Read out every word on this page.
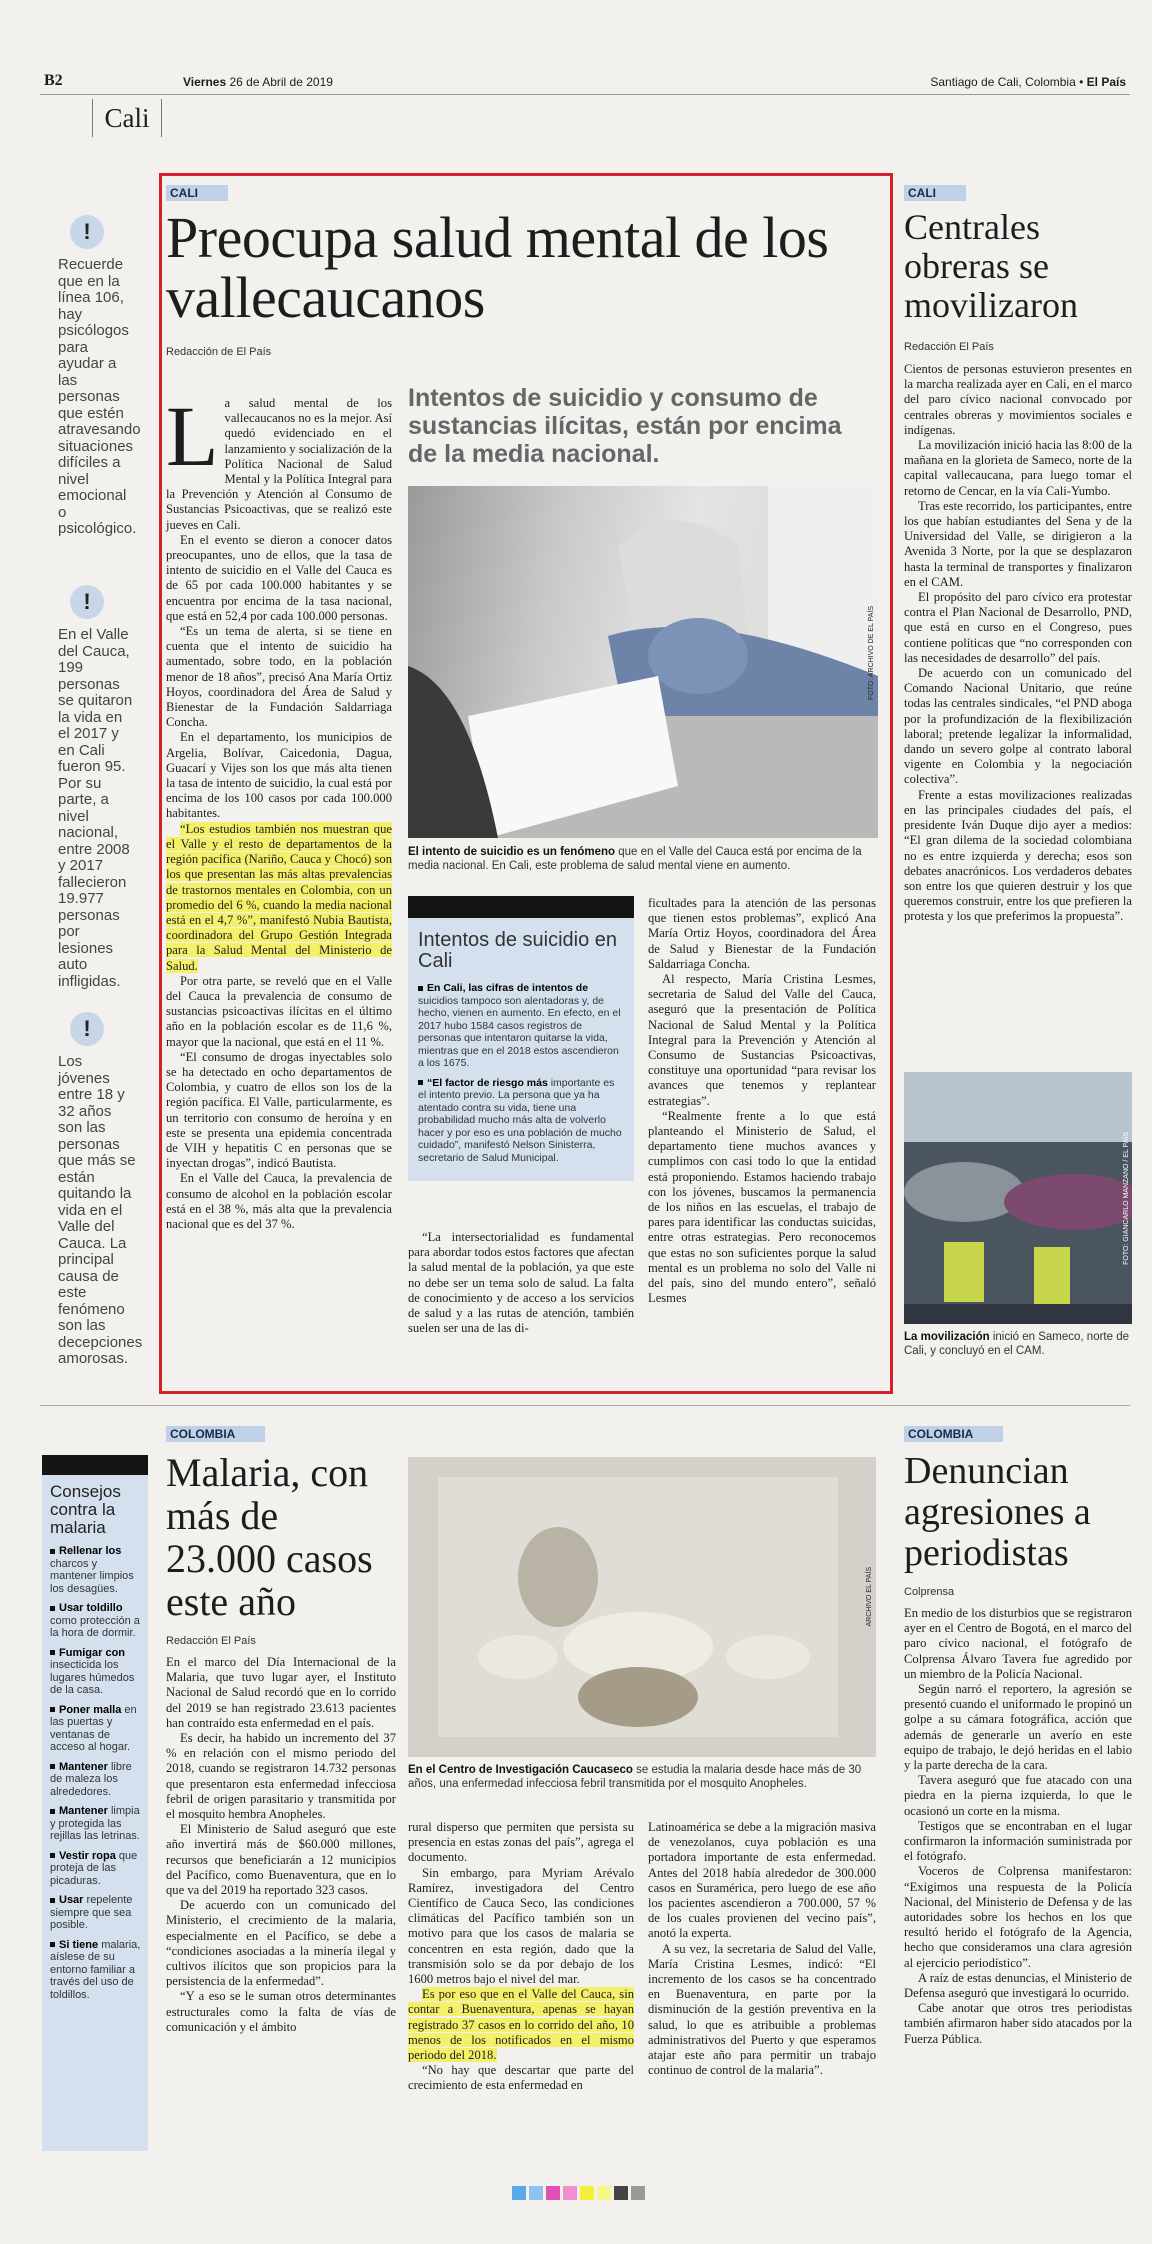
B2	Viernes 26 de Abril de 2019	Santiago de Cali, Colombia • El País
Cali
!
Recuerde que en la línea 106, hay psicólogos para ayudar a las personas que estén atravesando situaciones difíciles a nivel emocional o psicológico.
!
En el Valle del Cauca, 199 personas se quitaron la vida en el 2017 y en Cali fueron 95. Por su parte, a nivel nacional, entre 2008 y 2017 fallecieron 19.977 personas por lesiones auto infligidas.
!
Los jóvenes entre 18 y 32 años son las personas que más se están quitando la vida en el Valle del Cauca. La principal causa de este fenómeno son las decepciones amorosas.
CALI
Preocupa salud mental de los vallecaucanos
Redacción de El País
L a salud mental de los vallecaucanos no es la mejor. Así quedó evidenciado en el lanzamiento y socialización de la Política Nacional de Salud Mental y la Política Integral para la Prevención y Atención al Consumo de Sustancias Psicoactivas, que se realizó este jueves en Cali.

En el evento se dieron a conocer datos preocupantes, uno de ellos, que la tasa de intento de suicidio en el Valle del Cauca es de 65 por cada 100.000 habitantes y se encuentra por encima de la tasa nacional, que está en 52,4 por cada 100.000 personas.

“Es un tema de alerta, si se tiene en cuenta que el intento de suicidio ha aumentado, sobre todo, en la población menor de 18 años”, precisó Ana María Ortiz Hoyos, coordinadora del Área de Salud y Bienestar de la Fundación Saldarriaga Concha.

En el departamento, los municipios de Argelia, Bolívar, Caicedonia, Dagua, Guacarí y Vijes son los que más alta tienen la tasa de intento de suicidio, la cual está por encima de los 100 casos por cada 100.000 habitantes.

“Los estudios también nos muestran que el Valle y el resto de departamentos de la región pacífica (Nariño, Cauca y Chocó) son los que presentan las más altas prevalencias de trastornos mentales en Colombia, con un promedio del 6 %, cuando la media nacional está en el 4,7 %”, manifestó Nubia Bautista, coordinadora del Grupo Gestión Integrada para la Salud Mental del Ministerio de Salud.

Por otra parte, se reveló que en el Valle del Cauca la prevalencia de consumo de sustancias psicoactivas ilícitas en el último año en la población escolar es de 11,6 %, mayor que la nacional, que está en el 11 %.

“El consumo de drogas inyectables solo se ha detectado en ocho departamentos de Colombia, y cuatro de ellos son los de la región pacífica. El Valle, particularmente, es un territorio con consumo de heroína y en este se presenta una epidemia concentrada de VIH y hepatitis C en personas que se inyectan drogas”, indicó Bautista.

En el Valle del Cauca, la prevalencia de consumo de alcohol en la población escolar está en el 38 %, más alta que la prevalencia nacional que es del 37 %.

Intentos de suicidio y consumo de sustancias ilícitas, están por encima de la media nacional.
FOTO: ARCHIVO DE EL PAÍS
El intento de suicidio es un fenómeno que en el Valle del Cauca está por encima de la media nacional. En Cali, este problema de salud mental viene en aumento.
Intentos de suicidio en Cali
En Cali, las cifras de intentos de suicidios tampoco son alentadoras y, de hecho, vienen en aumento. En efecto, en el 2017 hubo 1584 casos registros de personas que intentaron quitarse la vida, mientras que en el 2018 estos ascendieron a los 1675.
“El factor de riesgo más importante es el intento previo. La persona que ya ha atentado contra su vida, tiene una probabilidad mucho más alta de volverlo hacer y por eso es una población de mucho cuidado”, manifestó Nelson Sinisterra, secretario de Salud Municipal.

“La intersectorialidad es fundamental para abordar todos estos factores que afectan la salud mental de la población, ya que este no debe ser un tema solo de salud. La falta de conocimiento y de acceso a los servicios de salud y a las rutas de atención, también suelen ser una de las di-

ficultades para la atención de las personas que tienen estos problemas”, explicó Ana María Ortiz Hoyos, coordinadora del Área de Salud y Bienestar de la Fundación Saldarriaga Concha.

Al respecto, María Cristina Lesmes, secretaria de Salud del Valle del Cauca, aseguró que la presentación de Política Nacional de Salud Mental y la Política Integral para la Prevención y Atención al Consumo de Sustancias Psicoactivas, constituye una oportunidad “para revisar los avances que tenemos y replantear estrategias”.

“Realmente frente a lo que está planteando el Ministerio de Salud, el departamento tiene muchos avances y cumplimos con casi todo lo que la entidad está proponiendo. Estamos haciendo trabajo con los jóvenes, buscamos la permanencia de los niños en las escuelas, el trabajo de pares para identificar las conductas suicidas, entre otras estrategias. Pero reconocemos que estas no son suficientes porque la salud mental es un problema no solo del Valle ni del país, sino del mundo entero”, señaló Lesmes

CALI
Centrales obreras se movilizaron
Redacción El País

Cientos de personas estuvieron presentes en la marcha realizada ayer en Cali, en el marco del paro cívico nacional convocado por centrales obreras y movimientos sociales e indígenas.

La movilización inició hacia las 8:00 de la mañana en la glorieta de Sameco, norte de la capital vallecaucana, para luego tomar el retorno de Cencar, en la vía Cali-Yumbo.

Tras este recorrido, los participantes, entre los que habían estudiantes del Sena y de la Universidad del Valle, se dirigieron a la Avenida 3 Norte, por la que se desplazaron hasta la terminal de transportes y finalizaron en el CAM.

El propósito del paro cívico era protestar contra el Plan Nacional de Desarrollo, PND, que está en curso en el Congreso, pues contiene políticas que “no corresponden con las necesidades de desarrollo” del país.

De acuerdo con un comunicado del Comando Nacional Unitario, que reúne todas las centrales sindicales, “el PND aboga por la profundización de la flexibilización laboral; pretende legalizar la informalidad, dando un severo golpe al contrato laboral vigente en Colombia y la negociación colectiva”.

Frente a estas movilizaciones realizadas en las principales ciudades del país, el presidente Iván Duque dijo ayer a medios: “El gran dilema de la sociedad colombiana no es entre izquierda y derecha; esos son debates anacrónicos. Los verdaderos debates son entre los que quieren destruir y los que queremos construir, entre los que prefieren la protesta y los que preferimos la propuesta”.

FOTO: GIANCARLO MANZANO / EL PAÍS
La movilización inició en Sameco, norte de Cali, y concluyó en el CAM.
Consejos contra la malaria
Rellenar los charcos y mantener limpios los desagües.
Usar toldillo como protección a la hora de dormir.
Fumigar con insecticida los lugares húmedos de la casa.
Poner malla en las puertas y ventanas de acceso al hogar.
Mantener libre de maleza los alrededores.
Mantener limpia y protegida las rejillas las letrinas.
Vestir ropa que proteja de las picaduras.
Usar repelente siempre que sea posible.
Si tiene malaria, aíslese de su entorno familiar a través del uso de toldillos.
COLOMBIA
Malaria, con más de 23.000 casos este año
Redacción El País

En el marco del Día Internacional de la Malaria, que tuvo lugar ayer, el Instituto Nacional de Salud recordó que en lo corrido del 2019 se han registrado 23.613 pacientes han contraído esta enfermedad en el país.

Es decir, ha habido un incremento del 37 % en relación con el mismo periodo del 2018, cuando se registraron 14.732 personas que presentaron esta enfermedad infecciosa febril de origen parasitario y transmitida por el mosquito hembra Anopheles.

El Ministerio de Salud aseguró que este año invertirá más de $60.000 millones, recursos que beneficiarán a 12 municipios del Pacífico, como Buenaventura, que en lo que va del 2019 ha reportado 323 casos.

De acuerdo con un comunicado del Ministerio, el crecimiento de la malaria, especialmente en el Pacífico, se debe a “condiciones asociadas a la minería ilegal y cultivos ilícitos que son propicios para la persistencia de la enfermedad”.

“Y a eso se le suman otros determinantes estructurales como la falta de vías de comunicación y el ámbito

ARCHIVO EL PAÍS
En el Centro de Investigación Caucaseco se estudia la malaria desde hace más de 30 años, una enfermedad infecciosa febril transmitida por el mosquito Anopheles.

rural disperso que permiten que persista su presencia en estas zonas del país”, agrega el documento.

Sin embargo, para Myriam Arévalo Ramírez, investigadora del Centro Científico de Cauca Seco, las condiciones climáticas del Pacífico también son un motivo para que los casos de malaria se concentren en esta región, dado que la transmisión solo se da por debajo de los 1600 metros bajo el nivel del mar.

Es por eso que en el Valle del Cauca, sin contar a Buenaventura, apenas se hayan registrado 37 casos en lo corrido del año, 10 menos de los notificados en el mismo periodo del 2018.

“No hay que descartar que parte del crecimiento de esta enfermedad en

Latinoamérica se debe a la migración masiva de venezolanos, cuya población es una portadora importante de esta enfermedad. Antes del 2018 había alrededor de 300.000 casos en Suramérica, pero luego de ese año los pacientes ascendieron a 700.000, 57 % de los cuales provienen del vecino país”, anotó la experta.

A su vez, la secretaria de Salud del Valle, María Cristina Lesmes, indicó: “El incremento de los casos se ha concentrado en Buenaventura, en parte por la disminución de la gestión preventiva en la salud, lo que es atribuible a problemas administrativos del Puerto y que esperamos atajar este año para permitir un trabajo continuo de control de la malaria”.

COLOMBIA
Denuncian agresiones a periodistas
Colprensa

En medio de los disturbios que se registraron ayer en el Centro de Bogotá, en el marco del paro cívico nacional, el fotógrafo de Colprensa Álvaro Tavera fue agredido por un miembro de la Policía Nacional.

Según narró el reportero, la agresión se presentó cuando el uniformado le propinó un golpe a su cámara fotográfica, acción que además de generarle un averío en este equipo de trabajo, le dejó heridas en el labio y la parte derecha de la cara.

Tavera aseguró que fue atacado con una piedra en la pierna izquierda, lo que le ocasionó un corte en la misma.

Testigos que se encontraban en el lugar confirmaron la información suministrada por el fotógrafo.

Voceros de Colprensa manifestaron: “Exigimos una respuesta de la Policía Nacional, del Ministerio de Defensa y de las autoridades sobre los hechos en los que resultó herido el fotógrafo de la Agencia, hecho que consideramos una clara agresión al ejercicio periodístico”.

A raíz de estas denuncias, el Ministerio de Defensa aseguró que investigará lo ocurrido.

Cabe anotar que otros tres periodistas también afirmaron haber sido atacados por la Fuerza Pública.
